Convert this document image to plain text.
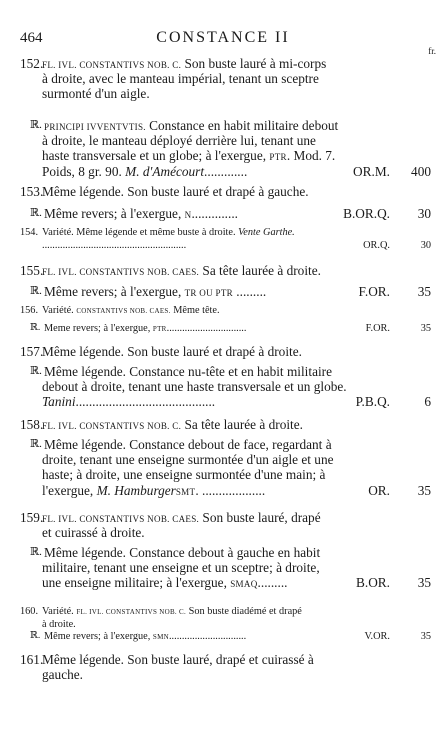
464	CONSTANCE II
fr.
152.
FL. IVL. CONSTANTIVS NOB. C. Son buste lauré à mi-corps
à droite, avec le manteau impérial, tenant un sceptre
surmonté d'un aigle.
ℝ. PRINCIPI IVVENTVTIS. Constance en habit militaire debout
à droite, le manteau déployé derrière lui, tenant une
haste transversale et un globe; à l'exergue, PTR. Mod. 7.
Poids, 8 gr. 90. M. d'Amécourt.............	OR.M. 400
153.
Même légende. Son buste lauré et drapé à gauche.
ℝ. Même revers; à l'exergue, N..............	B.OR.Q. 30
154. Variété. Même légende et même buste à droite. Vente Garthe.
........................................................	OR.Q.	30
155.
FL. IVL. CONSTANTIVS NOB. CAES. Sa tête laurée à droite.
ℝ. Même revers; à l'exergue, TR OU PTR .........	F.OR. 35
156. Variété. CONSTANTIVS NOB. CAES. Même tête.
ℝ. Meme revers; à l'exergue, PTR...............................	F.OR.	35
157.
Même légende. Son buste lauré et drapé à droite.
ℝ. Même légende. Constance nu-tête et en habit militaire
debout à droite, tenant une haste transversale et un globe.
Tanini..........................................	P.B.Q.	6
158.
FL. IVL. CONSTANTIVS NOB. C. Sa tête laurée à droite.
ℝ. Même légende. Constance debout de face, regardant à
droite, tenant une enseigne surmontée d'un aigle et une
haste; à droite, une enseigne surmontée d'une main; à
l'exergue, M. HamburgerSMT. ...................	OR. 35
159.
FL. IVL. CONSTANTIVS NOB. CAES. Son buste lauré, drapé
et cuirassé à droite.
ℝ. Même légende. Constance debout à gauche en habit
militaire, tenant une enseigne et un sceptre; à droite,
une enseigne militaire; à l'exergue, SMAQ.........	B.OR. 35
160. Variété. FL. IVL. CONSTANTIVS NOB. C. Son buste diadémé et drapé
à droite.
ℝ. Même revers; à l'exergue, SMN..............................	V.OR.	35
161.
Même légende. Son buste lauré, drapé et cuirassé à
gauche.
